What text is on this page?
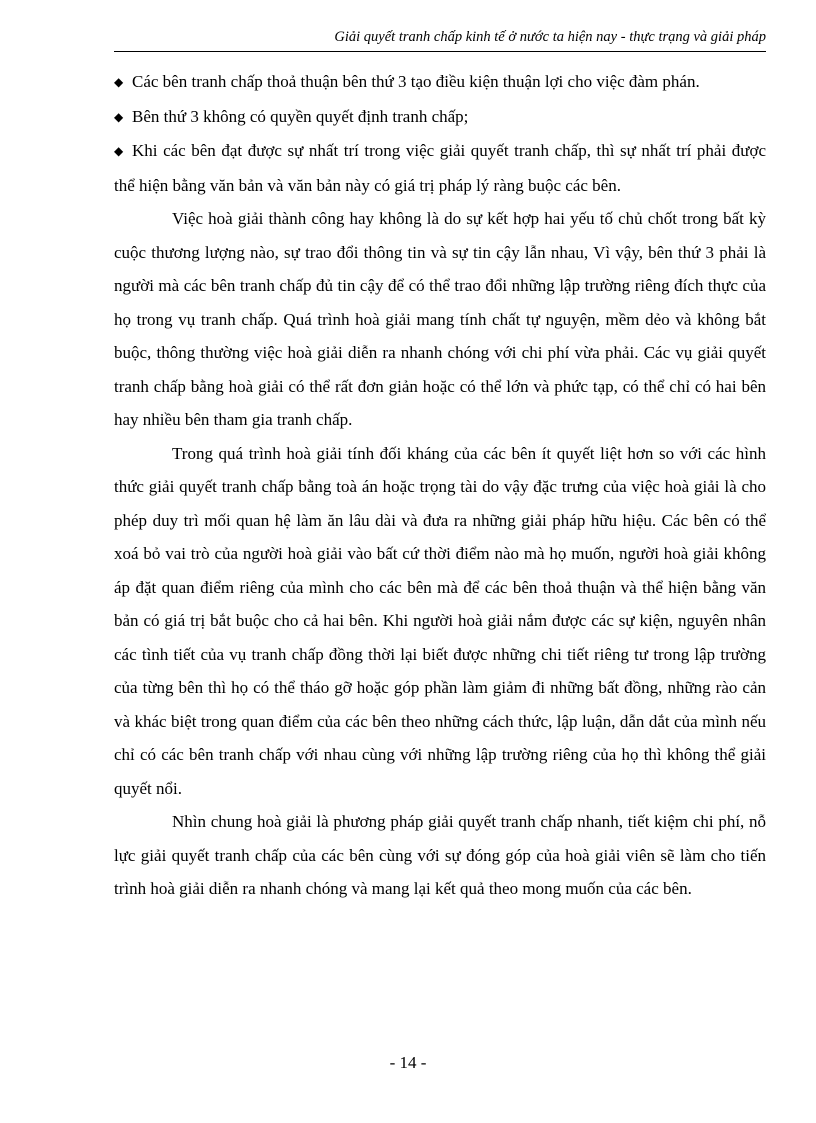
Giải quyết tranh chấp kinh tế ở nước ta hiện nay - thực trạng và giải pháp

◆ Các bên tranh chấp thoả thuận bên thứ 3 tạo điều kiện thuận lợi cho việc đàm phán.

◆ Bên thứ 3 không có quyền quyết định tranh chấp;

◆ Khi các bên đạt được sự nhất trí trong việc giải quyết tranh chấp, thì sự nhất trí phải được thể hiện bằng văn bản và văn bản này có giá trị pháp lý ràng buộc các bên.

Việc hoà giải thành công hay không là do sự kết hợp hai yếu tố chủ chốt trong bất kỳ cuộc thương lượng nào, sự trao đổi thông tin và sự tin cậy lẫn nhau, Vì vậy, bên thứ 3 phải là người mà các bên tranh chấp đủ tin cậy để có thể trao đổi những lập trường riêng đích thực của họ trong vụ tranh chấp. Quá trình hoà giải mang tính chất tự nguyện, mềm dẻo và không bắt buộc, thông thường việc hoà giải diễn ra nhanh chóng với chi phí vừa phải. Các vụ giải quyết tranh chấp bằng hoà giải có thể rất đơn giản hoặc có thể lớn và phức tạp, có thể chỉ có hai bên hay nhiều bên tham gia tranh chấp.

Trong quá trình hoà giải tính đối kháng của các bên ít quyết liệt hơn so với các hình thức giải quyết tranh chấp bằng toà án hoặc trọng tài do vậy đặc trưng của việc hoà giải là cho phép duy trì mối quan hệ làm ăn lâu dài và đưa ra những giải pháp hữu hiệu. Các bên có thể xoá bỏ vai trò của người hoà giải vào bất cứ thời điểm nào mà họ muốn, người hoà giải không áp đặt quan điểm riêng của mình cho các bên mà để các bên thoả thuận và thể hiện bằng văn bản có giá trị bắt buộc cho cả hai bên. Khi người hoà giải nắm được các sự kiện, nguyên nhân các tình tiết của vụ tranh chấp đồng thời lại biết được những chi tiết riêng tư trong lập trường của từng bên thì họ có thể tháo gỡ hoặc góp phần làm giảm đi những bất đồng, những rào cản và khác biệt trong quan điểm của các bên theo những cách thức, lập luận, dẫn dắt của mình nếu chỉ có các bên tranh chấp với nhau cùng với những lập trường riêng của họ thì không thể giải quyết nổi.

Nhìn chung hoà giải là phương pháp giải quyết tranh chấp nhanh, tiết kiệm chi phí, nỗ lực giải quyết tranh chấp của các bên cùng với sự đóng góp của hoà giải viên sẽ làm cho tiến trình hoà giải diễn ra nhanh chóng và mang lại kết quả theo mong muốn của các bên.

- 14 -
